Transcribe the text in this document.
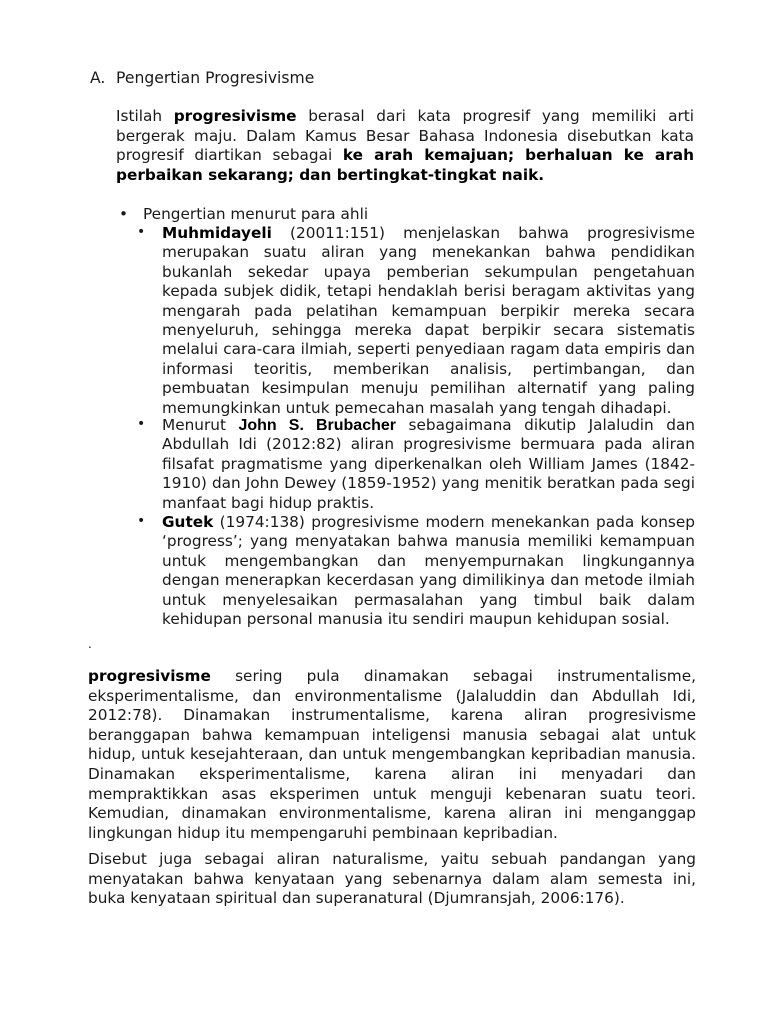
A. Pengertian Progresivisme

Istilah progresivisme berasal dari kata progresif yang memiliki arti bergerak maju. Dalam Kamus Besar Bahasa Indonesia disebutkan kata progresif diartikan sebagai ke arah kemajuan; berhaluan ke arah perbaikan sekarang; dan bertingkat-tingkat naik.

• Pengertian menurut para ahli
•	Muhmidayeli (20011:151) menjelaskan bahwa progresivisme merupakan suatu aliran yang menekankan bahwa pendidikan bukanlah sekedar upaya pemberian sekumpulan pengetahuan kepada subjek didik, tetapi hendaklah berisi beragam aktivitas yang mengarah pada pelatihan kemampuan berpikir mereka secara menyeluruh, sehingga mereka dapat berpikir secara sistematis melalui cara-cara ilmiah, seperti penyediaan ragam data empiris dan informasi teoritis, memberikan analisis, pertimbangan, dan pembuatan kesimpulan menuju pemilihan alternatif yang paling memungkinkan untuk pemecahan masalah yang tengah dihadapi.

•	Menurut John S. Brubacher sebagaimana dikutip Jalaludin dan Abdullah Idi (2012:82) aliran progresivisme bermuara pada aliran filsafat pragmatisme yang diperkenalkan oleh William James (1842-1910) dan John Dewey (1859-1952) yang menitik beratkan pada segi manfaat bagi hidup praktis.

•	Gutek (1974:138) progresivisme modern menekankan pada konsep ‘progress’; yang menyatakan bahwa manusia memiliki kemampuan untuk mengembangkan dan menyempurnakan lingkungannya dengan menerapkan kecerdasan yang dimilikinya dan metode ilmiah untuk menyelesaikan permasalahan yang timbul baik dalam kehidupan personal manusia itu sendiri maupun kehidupan sosial.

.

progresivisme sering pula dinamakan sebagai instrumentalisme, eksperimentalisme, dan environmentalisme (Jalaluddin dan Abdullah Idi, 2012:78). Dinamakan instrumentalisme, karena aliran progresivisme beranggapan bahwa kemampuan inteligensi manusia sebagai alat untuk hidup, untuk kesejahteraan, dan untuk mengembangkan kepribadian manusia. Dinamakan eksperimentalisme, karena aliran ini menyadari dan mempraktikkan asas eksperimen untuk menguji kebenaran suatu teori. Kemudian, dinamakan environmentalisme, karena aliran ini menganggap lingkungan hidup itu mempengaruhi pembinaan kepribadian.

Disebut juga sebagai aliran naturalisme, yaitu sebuah pandangan yang menyatakan bahwa kenyataan yang sebenarnya dalam alam semesta ini, buka kenyataan spiritual dan superanatural (Djumransjah, 2006:176).
